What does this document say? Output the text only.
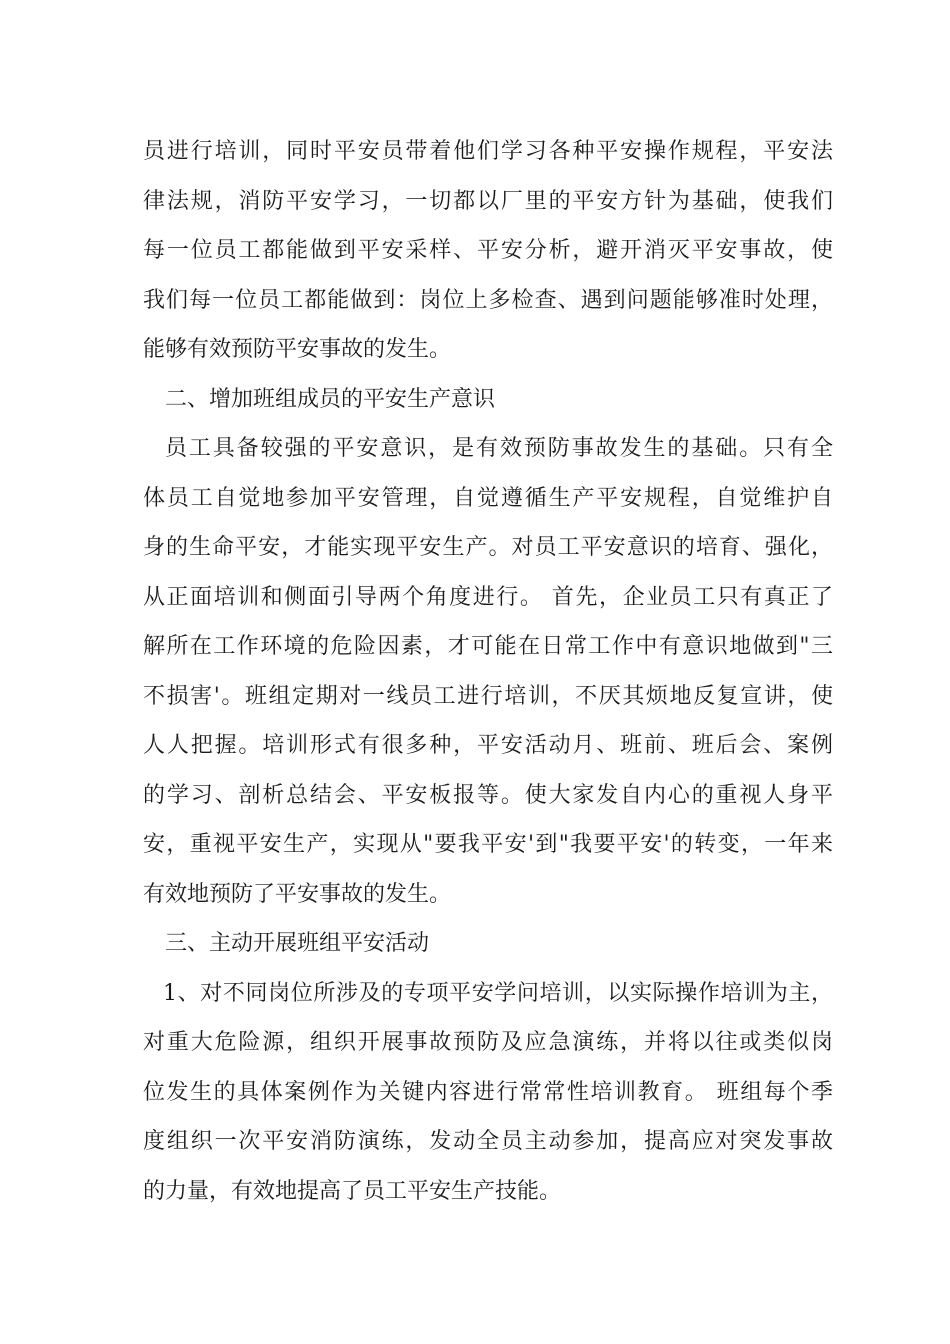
员进行培训，同时平安员带着他们学习各种平安操作规程，平安法
律法规，消防平安学习，一切都以厂里的平安方针为基础，使我们
每一位员工都能做到平安采样、平安分析，避开消灭平安事故，使
我们每一位员工都能做到：岗位上多检查、遇到问题能够准时处理，
能够有效预防平安事故的发生。
二、增加班组成员的平安生产意识
员工具备较强的平安意识，是有效预防事故发生的基础。只有全
体员工自觉地参加平安管理，自觉遵循生产平安规程，自觉维护自
身的生命平安，才能实现平安生产。对员工平安意识的培育、强化，
从正面培训和侧面引导两个角度进行。 首先，企业员工只有真正了
解所在工作环境的危险因素，才可能在日常工作中有意识地做到"三
不损害'。班组定期对一线员工进行培训，不厌其烦地反复宣讲，使
人人把握。培训形式有很多种，平安活动月、班前、班后会、案例
的学习、剖析总结会、平安板报等。使大家发自内心的重视人身平
安，重视平安生产，实现从"要我平安'到"我要平安'的转变，一年来
有效地预防了平安事故的发生。
三、主动开展班组平安活动
1、对不同岗位所涉及的专项平安学问培训，以实际操作培训为主，
对重大危险源，组织开展事故预防及应急演练，并将以往或类似岗
位发生的具体案例作为关键内容进行常常性培训教育。 班组每个季
度组织一次平安消防演练，发动全员主动参加，提高应对突发事故
的力量，有效地提高了员工平安生产技能。
